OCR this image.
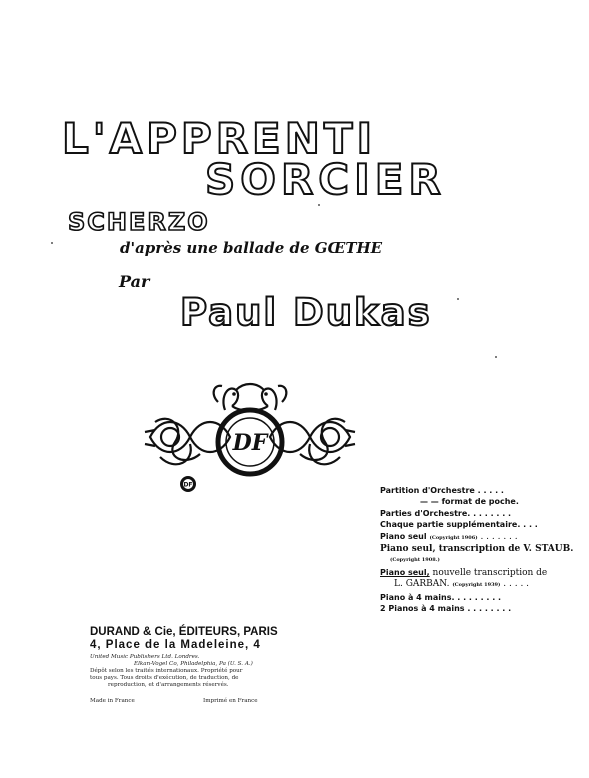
L'APPRENTI
SORCIER
SCHERZO
d'après une ballade de GŒTHE
Par
Paul Dukas
DF
DF
Partition d'Orchestre . . . . .
— — format de poche.
Parties d'Orchestre. . . . . . . .
Chaque partie supplémentaire. . . .
Piano seul (Copyright 1906) . . . . . . .
Piano seul, transcription de V. STAUB.
(Copyright 1908.)
Piano seul, nouvelle transcription de
L. GARBAN. (Copyright 1939) . . . . .
Piano à 4 mains. . . . . . . . .
2 Pianos à 4 mains . . . . . . . .
DURAND & Cie, ÉDITEURS, PARIS
4, Place de la Madeleine, 4
United Music Publishers Ltd. Londres.
Elkan-Vogel Co, Philadelphia, Pa (U. S. A.)
Dépôt selon les traités internationaux. Propriété pour
tous pays. Tous droits d'exécution, de traduction, de
reproduction, et d'arrangements réservés.
Made in France	Imprimé en France
